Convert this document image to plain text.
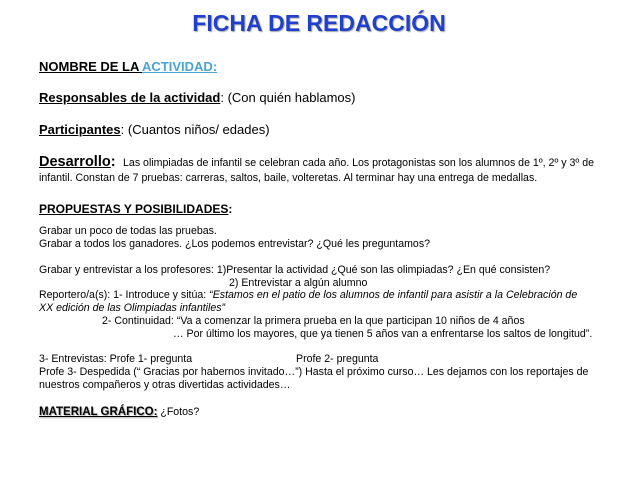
FICHA DE REDACCIÓN
NOMBRE DE LA ACTIVIDAD:
Responsables de la actividad: (Con quién hablamos)
Participantes: (Cuantos niños/ edades)
Desarrollo: Las olimpiadas de infantil se celebran cada año. Los protagonistas son los alumnos de 1º, 2º y 3º de
infantil. Constan de 7 pruebas: carreras, saltos, baile, volteretas. Al terminar hay una entrega de medallas.
PROPUESTAS Y POSIBILIDADES:
Grabar un poco de todas las pruebas.
Grabar a todos los ganadores. ¿Los podemos entrevistar? ¿Qué les preguntamos?
Grabar y entrevistar a los profesores: 1)Presentar la actividad ¿Qué son las olimpiadas? ¿En qué consisten?
2) Entrevistar a algún alumno
Reportero/a(s): 1- Introduce y sitúa: “Estamos en el patio de los alumnos de infantil para asistir a la Celebración de
XX edición de las Olimpiadas infantiles”
2- Continuidad: “Va a comenzar la primera prueba en la que participan 10 niños de 4 años
… Por último los mayores, que ya tienen 5 años van a enfrentarse los saltos de longitud”.
3- Entrevistas: Profe 1- pregunta	Profe 2- pregunta
Profe 3- Despedida (“ Gracias por habernos invitado…”) Hasta el próximo curso… Les dejamos con los reportajes de
nuestros compañeros y otras divertidas actividades…
MATERIAL GRÁFICO: ¿Fotos?
